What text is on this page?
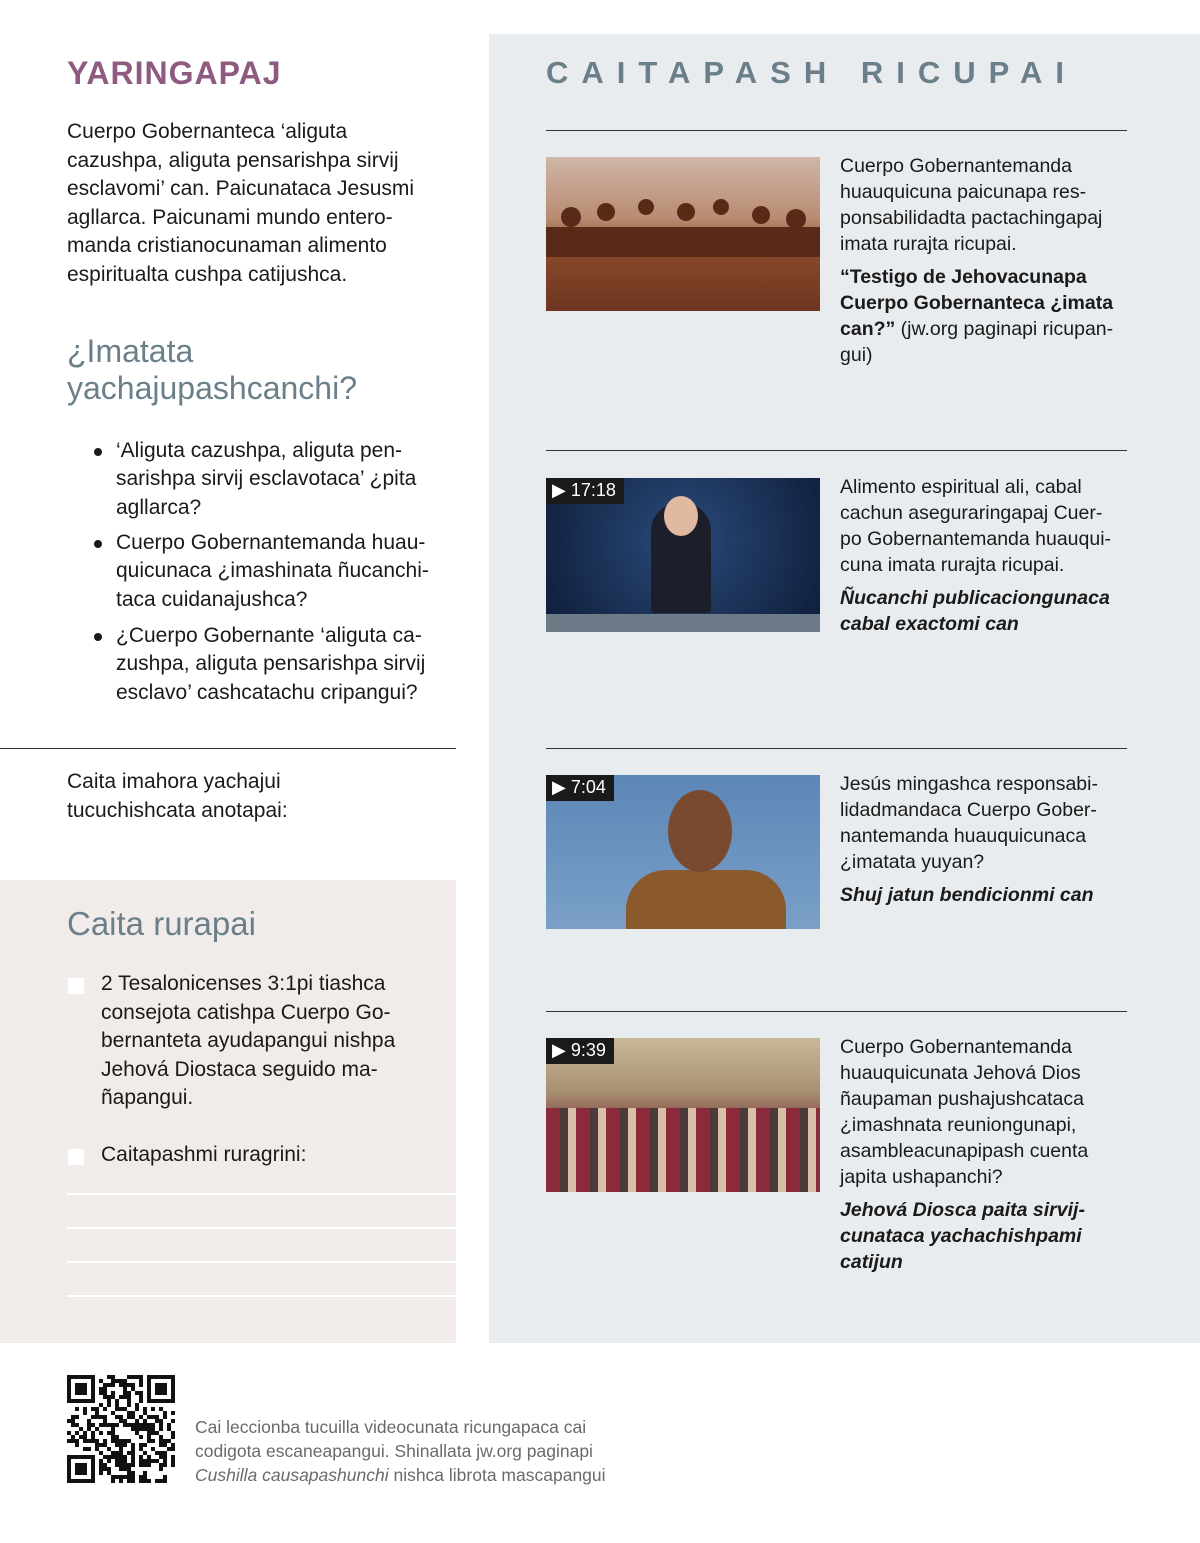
YARINGAPAJ
Cuerpo Gobernanteca ‘aliguta
cazushpa, aliguta pensarishpa sirvij
esclavomi’ can. Paicunataca Jesusmi
agllarca. Paicunami mundo entero-
manda cristianocunaman alimento
espiritualta cushpa catijushca.
¿Imatata
yachajupashcanchi?
‘Aliguta cazushpa, aliguta pen-
sarishpa sirvij esclavotaca’ ¿pita
agllarca?
Cuerpo Gobernantemanda huau-
quicunaca ¿imashinata ñucanchi-
taca cuidanajushca?
¿Cuerpo Gobernante ‘aliguta ca-
zushpa, aliguta pensarishpa sirvij
esclavo’ cashcatachu cripangui?
Caita imahora yachajui
tucuchishcata anotapai:
Caita rurapai
2 Tesalonicenses 3:1pi tiashca
consejota catishpa Cuerpo Go-
bernanteta ayudapangui nishpa
Jehová Diostaca seguido ma-
ñapangui.
Caitapashmi ruragrini:
CAITAPASH RICUPAI
Cuerpo Gobernantemanda
huauquicuna paicunapa res-
ponsabilidadta pactachingapaj
imata rurajta ricupai.
“Testigo de Jehovacunapa
Cuerpo Gobernanteca ¿imata
can?” (jw.org paginapi ricupan-
gui)
▶ 17:18	Alimento espiritual ali, cabal
cachun aseguraringapaj Cuer-
po Gobernantemanda huauqui-
cuna imata rurajta ricupai.
Ñucanchi publicaciongunaca
cabal exactomi can
▶ 7:04	Jesús mingashca responsabi-
lidadmandaca Cuerpo Gober-
nantemanda huauquicunaca
¿imatata yuyan?
Shuj jatun bendicionmi can
▶ 9:39	Cuerpo Gobernantemanda
huauquicunata Jehová Dios
ñaupaman pushajushcataca
¿imashnata reuniongunapi,
asambleacunapipash cuenta
japita ushapanchi?
Jehová Diosca paita sirvij-
cunataca yachachishpami
catijun
Cai leccionba tucuilla videocunata ricungapaca cai
codigota escaneapangui. Shinallata jw.org paginapi
Cushilla causapashunchi nishca librota mascapangui
